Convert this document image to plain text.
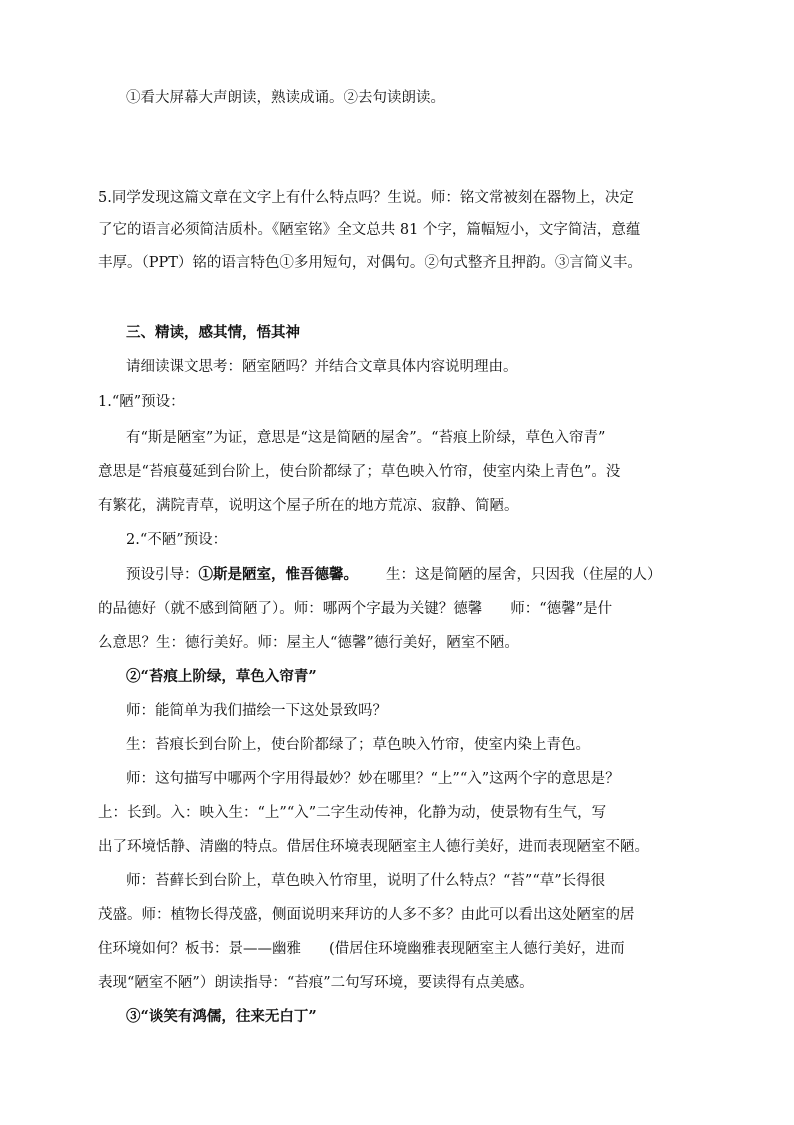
①看大屏幕大声朗读，熟读成诵。②去句读朗读。
5.同学发现这篇文章在文字上有什么特点吗？生说。师：铭文常被刻在器物上，决定
了它的语言必须简洁质朴。《陋室铭》全文总共 81 个字，篇幅短小，文字简洁，意蕴
丰厚。（PPT）铭的语言特色①多用短句，对偶句。②句式整齐且押韵。③言简义丰。
三、精读，感其情，悟其神
请细读课文思考：陋室陋吗？并结合文章具体内容说明理由。
1.“陋”预设：
有“斯是陋室”为证，意思是“这是简陋的屋舍”。“苔痕上阶绿，草色入帘青”
意思是“苔痕蔓延到台阶上，使台阶都绿了；草色映入竹帘，使室内染上青色”。没
有繁花，满院青草，说明这个屋子所在的地方荒凉、寂静、简陋。
2.“不陋”预设：
预设引导：①斯是陋室，惟吾德馨。 生：这是简陋的屋舍，只因我（住屋的人）
的品德好（就不感到简陋了）。师：哪两个字最为关键？德馨 师：“德馨”是什
么意思？生：德行美好。师：屋主人“德馨”德行美好，陋室不陋。
②“苔痕上阶绿，草色入帘青”
师：能简单为我们描绘一下这处景致吗？
生：苔痕长到台阶上，使台阶都绿了；草色映入竹帘，使室内染上青色。
师：这句描写中哪两个字用得最妙？妙在哪里？“上”“入”这两个字的意思是？
上：长到。入：映入生：“上”“入”二字生动传神，化静为动，使景物有生气，写
出了环境恬静、清幽的特点。借居住环境表现陋室主人德行美好，进而表现陋室不陋。
师：苔藓长到台阶上，草色映入竹帘里，说明了什么特点？“苔”“草”长得很
茂盛。师：植物长得茂盛，侧面说明来拜访的人多不多？由此可以看出这处陋室的居
住环境如何？板书：景——幽雅 (借居住环境幽雅表现陋室主人德行美好，进而
表现“陋室不陋”）朗读指导：“苔痕”二句写环境，要读得有点美感。
③“谈笑有鸿儒，往来无白丁”
